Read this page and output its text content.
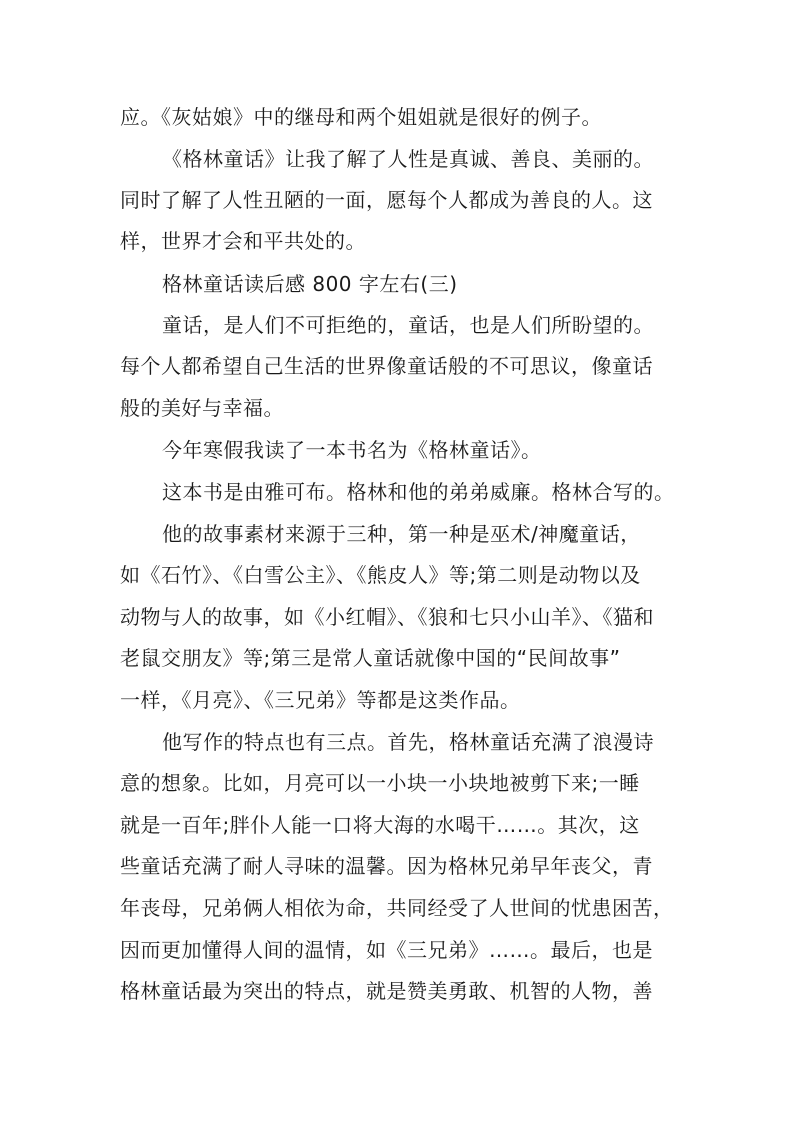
应。《灰姑娘》中的继母和两个姐姐就是很好的例子。
《格林童话》让我了解了人性是真诚、善良、美丽的。
同时了解了人性丑陋的一面，愿每个人都成为善良的人。这
样，世界才会和平共处的。
格林童话读后感 800 字左右(三)
童话，是人们不可拒绝的，童话，也是人们所盼望的。
每个人都希望自己生活的世界像童话般的不可思议，像童话
般的美好与幸福。
今年寒假我读了一本书名为《格林童话》。
这本书是由雅可布。格林和他的弟弟威廉。格林合写的。
他的故事素材来源于三种，第一种是巫术/神魔童话，
如《石竹》、《白雪公主》、《熊皮人》等;第二则是动物以及
动物与人的故事，如《小红帽》、《狼和七只小山羊》、《猫和
老鼠交朋友》等;第三是常人童话就像中国的“民间故事”
一样，《月亮》、《三兄弟》等都是这类作品。
他写作的特点也有三点。首先，格林童话充满了浪漫诗
意的想象。比如，月亮可以一小块一小块地被剪下来;一睡
就是一百年;胖仆人能一口将大海的水喝干……。其次，这
些童话充满了耐人寻味的温馨。因为格林兄弟早年丧父，青
年丧母，兄弟俩人相依为命，共同经受了人世间的忧患困苦，
因而更加懂得人间的温情，如《三兄弟》……。最后，也是
格林童话最为突出的特点，就是赞美勇敢、机智的人物，善
